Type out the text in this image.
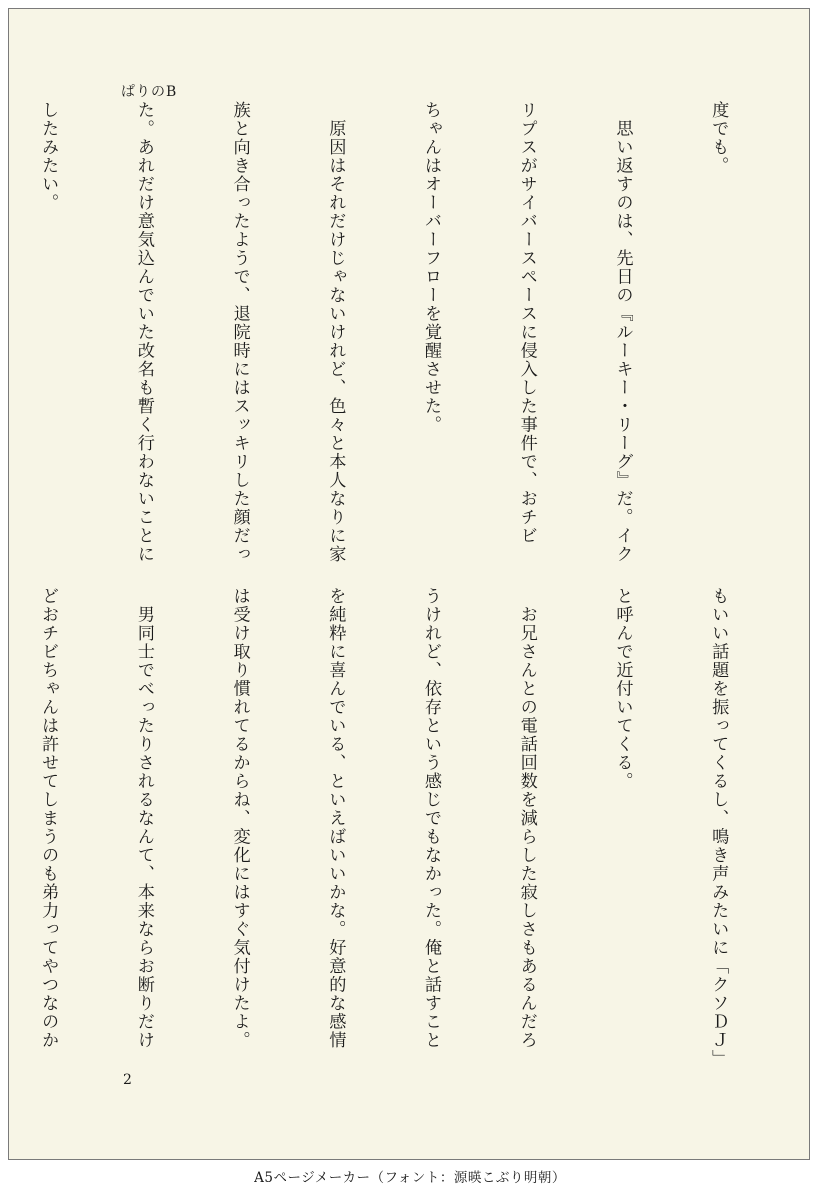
ぱりのB

度でも。

　思い返すのは、先日の『ルーキー・リーグ』だ。イク

リプスがサイバースペースに侵入した事件で、おチビ

ちゃんはオーバーフローを覚醒させた。

　原因はそれだけじゃないけれど、色々と本人なりに家

族と向き合ったようで、退院時にはスッキリした顔だっ

た。あれだけ意気込んでいた改名も暫く行わないことに

したみたい。

もいい話題を振ってくるし、鳴き声みたいに「クソＤＪ」

と呼んで近付いてくる。

　お兄さんとの電話回数を減らした寂しさもあるんだろ

うけれど、依存という感じでもなかった。俺と話すこと

を純粋に喜んでいる、といえばいいかな。好意的な感情

は受け取り慣れてるからね、変化にはすぐ気付けたよ。

　男同士でべったりされるなんて、本来ならお断りだけ

どおチビちゃんは許せてしまうのも弟力ってやつなのか

2
A5ページメーカー（フォント：源暎こぶり明朝）
